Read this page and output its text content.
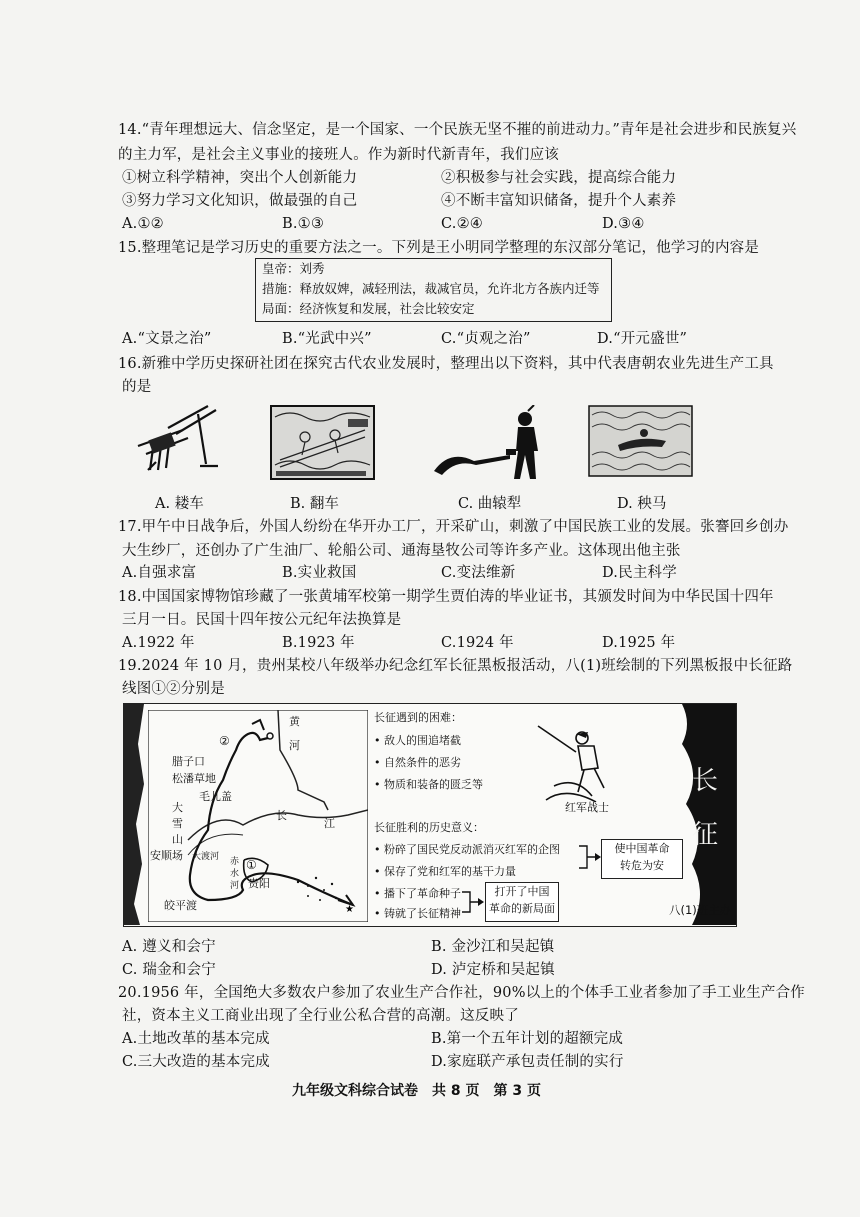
14.“青年理想远大、信念坚定，是一个国家、一个民族无坚不摧的前进动力。”青年是社会进步和民族复兴
的主力军，是社会主义事业的接班人。作为新时代新青年，我们应该
①树立科学精神，突出个人创新能力	②积极参与社会实践，提高综合能力
③努力学习文化知识，做最强的自己	④不断丰富知识储备，提升个人素养
A.①②	B.①③	C.②④	D.③④
15.整理笔记是学习历史的重要方法之一。下列是王小明同学整理的东汉部分笔记，他学习的内容是
皇帝：刘秀
措施：释放奴婢，减轻刑法，裁减官员，允许北方各族内迁等
局面：经济恢复和发展，社会比较安定
A.“文景之治”	B.“光武中兴”	C.“贞观之治”	D.“开元盛世”
16.新雅中学历史探研社团在探究古代农业发展时，整理出以下资料，其中代表唐朝农业先进生产工具
的是
A. 耧车	B. 翻车	C. 曲辕犁	D. 秧马
17.甲午中日战争后，外国人纷纷在华开办工厂，开采矿山，刺激了中国民族工业的发展。张謇回乡创办
大生纱厂，还创办了广生油厂、轮船公司、通海垦牧公司等许多产业。这体现出他主张
A.自强求富	B.实业救国	C.变法维新	D.民主科学
18.中国国家博物馆珍藏了一张黄埔军校第一期学生贾伯涛的毕业证书，其颁发时间为中华民国十四年
三月一日。民国十四年按公元纪年法换算是
A.1922 年	B.1923 年	C.1924 年	D.1925 年
19.2024 年 10 月，贵州某校八年级举办纪念红军长征黑板报活动，八(1)班绘制的下列黑板报中长征路
线图①②分别是
★
黄
河
长
江
②
腊子口
松潘草地
毛儿盖
大
雪
山
安顺场 大渡河 赤水河
①
贵阳
皎平渡
长征遇到的困难：
• 敌人的围追堵截
• 自然条件的恶劣
• 物质和装备的匮乏等
红军战士
长
征
长征胜利的历史意义：
• 粉碎了国民党反动派消灭红军的企图
• 保存了党和红军的基干力量
• 播下了革命种子
• 铸就了长征精神
使中国革命
转危为安
打开了中国
革命的新局面	八(1)班主办
A. 遵义和会宁	B. 金沙江和吴起镇
C. 瑞金和会宁	D. 泸定桥和吴起镇
20.1956 年，全国绝大多数农户参加了农业生产合作社，90%以上的个体手工业者参加了手工业生产合作
社，资本主义工商业出现了全行业公私合营的高潮。这反映了
A.土地改革的基本完成	B.第一个五年计划的超额完成
C.三大改造的基本完成	D.家庭联产承包责任制的实行
九年级文科综合试卷　共 8 页　第 3 页
